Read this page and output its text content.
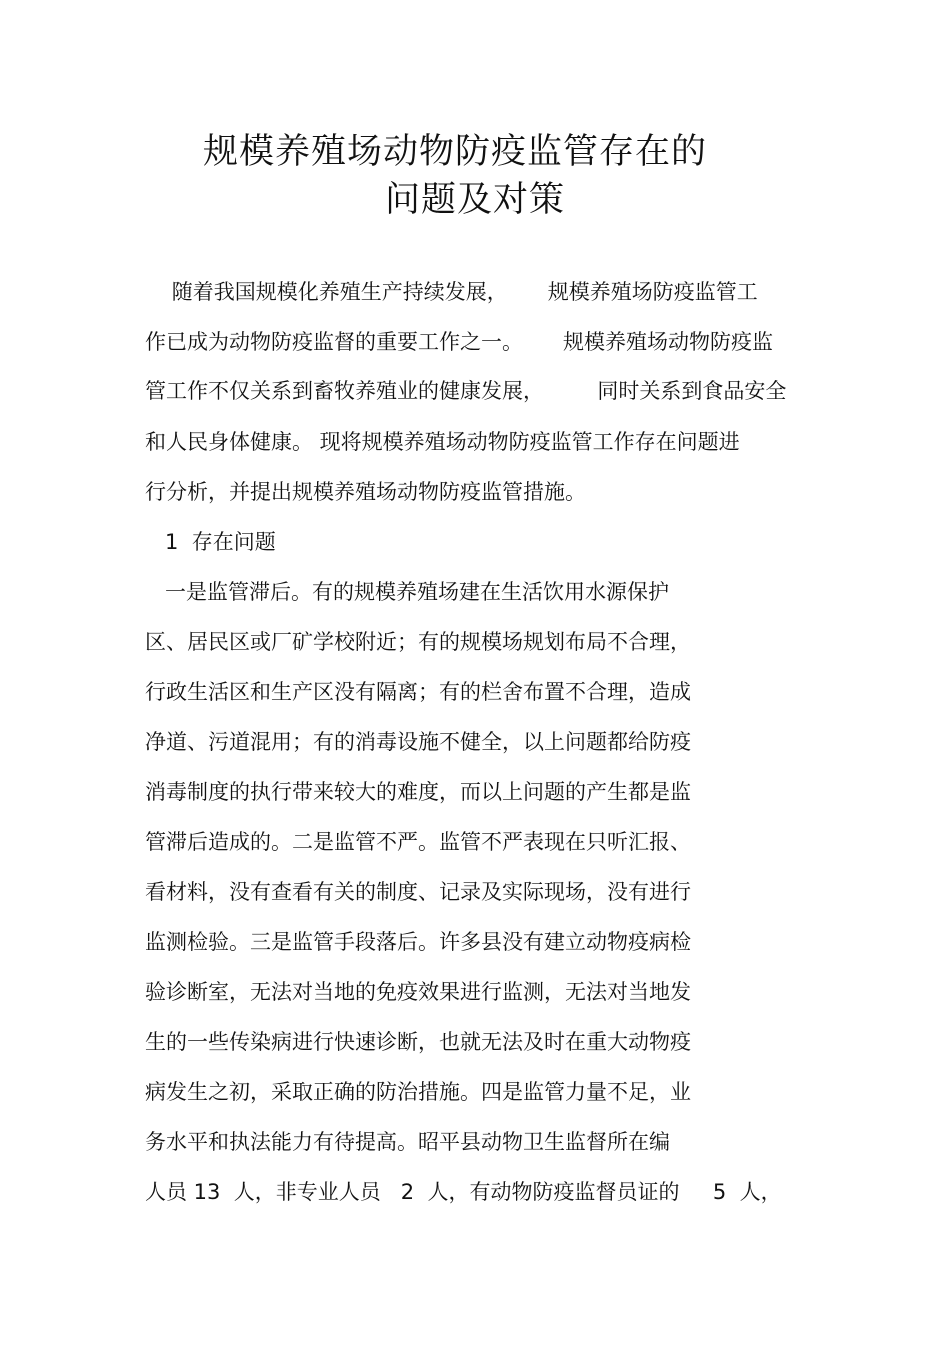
规模养殖场动物防疫监管存在的
问题及对策
随着我国规模化养殖生产持续发展，      规模养殖场防疫监管工
作已成为动物防疫监督的重要工作之一。      规模养殖场动物防疫监
管工作不仅关系到畜牧养殖业的健康发展，        同时关系到食品安全
和人民身体健康。 现将规模养殖场动物防疫监管工作存在问题进
行分析，并提出规模养殖场动物防疫监管措施。
1  存在问题
一是监管滞后。有的规模养殖场建在生活饮用水源保护
区、居民区或厂矿学校附近；有的规模场规划布局不合理，
行政生活区和生产区没有隔离；有的栏舍布置不合理，造成
净道、污道混用；有的消毒设施不健全，以上问题都给防疫
消毒制度的执行带来较大的难度，而以上问题的产生都是监
管滞后造成的。二是监管不严。监管不严表现在只听汇报、
看材料，没有查看有关的制度、记录及实际现场，没有进行
监测检验。三是监管手段落后。许多县没有建立动物疫病检
验诊断室，无法对当地的免疫效果进行监测，无法对当地发
生的一些传染病进行快速诊断，也就无法及时在重大动物疫
病发生之初，采取正确的防治措施。四是监管力量不足，业
务水平和执法能力有待提高。昭平县动物卫生监督所在编
人员 13  人，非专业人员   2  人，有动物防疫监督员证的     5  人，
